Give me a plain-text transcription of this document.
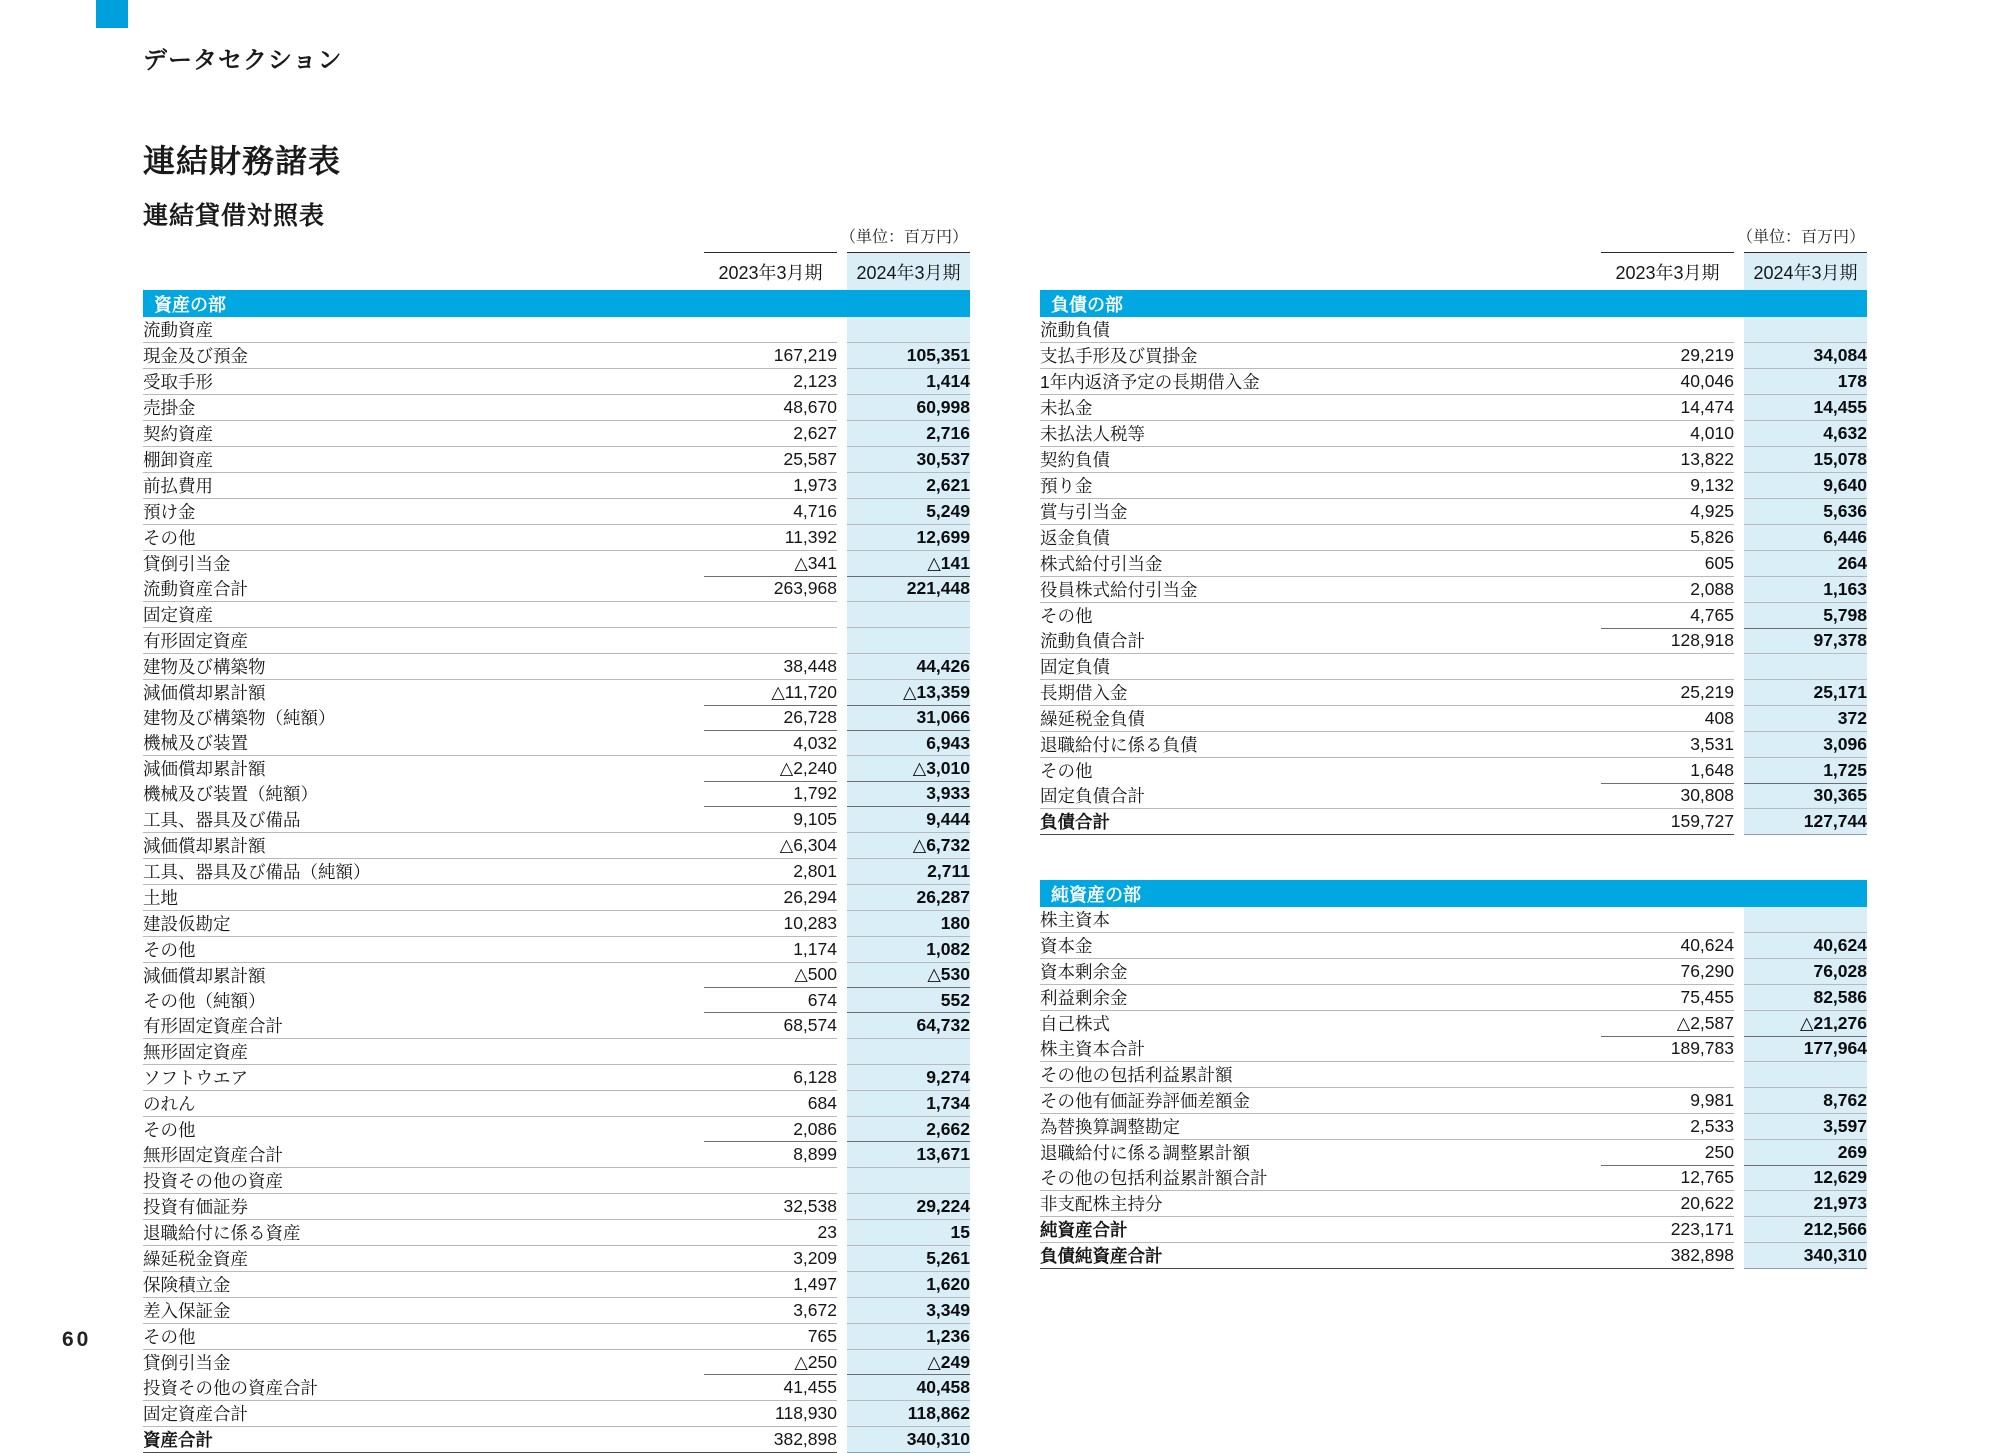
データセクション
連結財務諸表
連結貸借対照表
60
（単位：百万円）
	2023年3月期		2024年3月期
資産の部			
流動資産			
現金及び預金	167,219		105,351
受取手形	2,123		1,414
売掛金	48,670		60,998
契約資産	2,627		2,716
棚卸資産	25,587		30,537
前払費用	1,973		2,621
預け金	4,716		5,249
その他	11,392		12,699
貸倒引当金	△341		△141
流動資産合計	263,968		221,448
固定資産			
有形固定資産			
建物及び構築物	38,448		44,426
減価償却累計額	△11,720		△13,359
建物及び構築物（純額）	26,728		31,066
機械及び装置	4,032		6,943
減価償却累計額	△2,240		△3,010
機械及び装置（純額）	1,792		3,933
工具、器具及び備品	9,105		9,444
減価償却累計額	△6,304		△6,732
工具、器具及び備品（純額）	2,801		2,711
土地	26,294		26,287
建設仮勘定	10,283		180
その他	1,174		1,082
減価償却累計額	△500		△530
その他（純額）	674		552
有形固定資産合計	68,574		64,732
無形固定資産			
ソフトウエア	6,128		9,274
のれん	684		1,734
その他	2,086		2,662
無形固定資産合計	8,899		13,671
投資その他の資産			
投資有価証券	32,538		29,224
退職給付に係る資産	23		15
繰延税金資産	3,209		5,261
保険積立金	1,497		1,620
差入保証金	3,672		3,349
その他	765		1,236
貸倒引当金	△250		△249
投資その他の資産合計	41,455		40,458
固定資産合計	118,930		118,862
資産合計	382,898		340,310
（単位：百万円）
	2023年3月期		2024年3月期
負債の部			
流動負債			
支払手形及び買掛金	29,219		34,084
1年内返済予定の長期借入金	40,046		178
未払金	14,474		14,455
未払法人税等	4,010		4,632
契約負債	13,822		15,078
預り金	9,132		9,640
賞与引当金	4,925		5,636
返金負債	5,826		6,446
株式給付引当金	605		264
役員株式給付引当金	2,088		1,163
その他	4,765		5,798
流動負債合計	128,918		97,378
固定負債			
長期借入金	25,219		25,171
繰延税金負債	408		372
退職給付に係る負債	3,531		3,096
その他	1,648		1,725
固定負債合計	30,808		30,365
負債合計	159,727		127,744
純資産の部			
株主資本			
資本金	40,624		40,624
資本剰余金	76,290		76,028
利益剰余金	75,455		82,586
自己株式	△2,587		△21,276
株主資本合計	189,783		177,964
その他の包括利益累計額			
その他有価証券評価差額金	9,981		8,762
為替換算調整勘定	2,533		3,597
退職給付に係る調整累計額	250		269
その他の包括利益累計額合計	12,765		12,629
非支配株主持分	20,622		21,973
純資産合計	223,171		212,566
負債純資産合計	382,898		340,310
